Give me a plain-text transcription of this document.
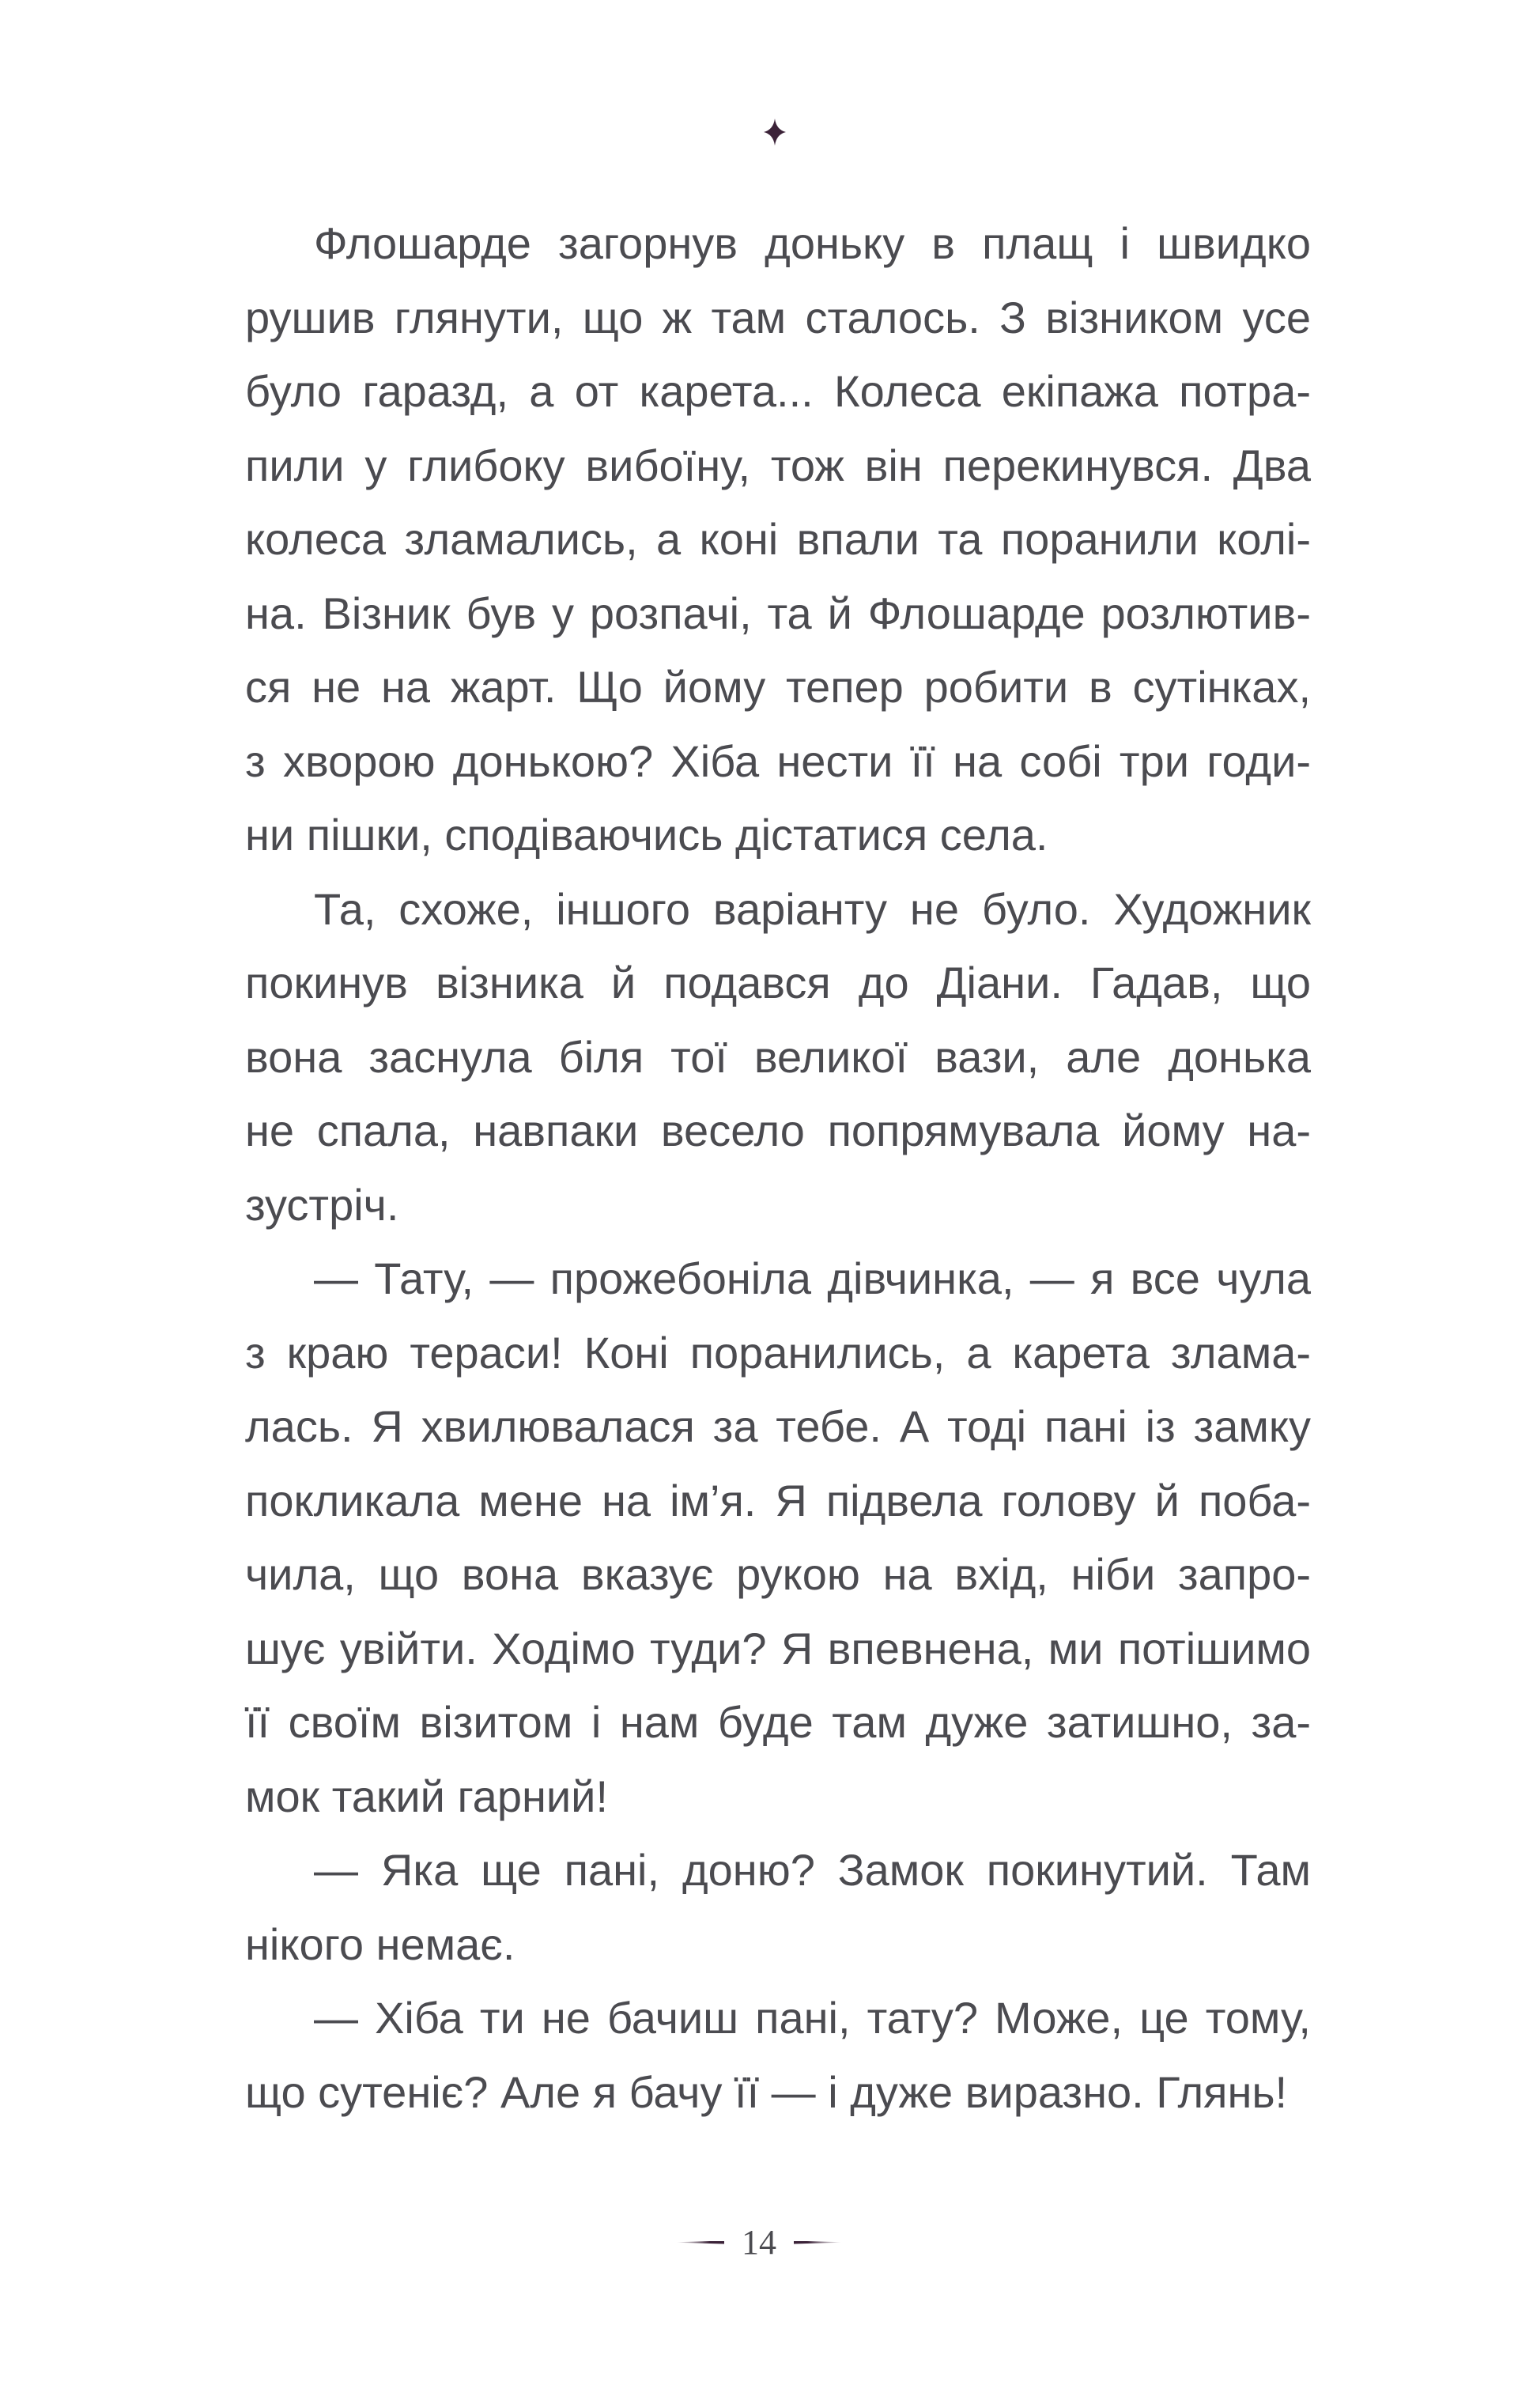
Флошарде загорнув доньку в плащ і швидко
рушив глянути, що ж там сталось. З візником усе
було гаразд, а от карета... Колеса екіпажа потра-
пили у глибоку вибоїну, тож він перекинувся. Два
колеса зламались, а коні впали та поранили колі-
на. Візник був у розпачі, та й Флошарде розлютив-
ся не на жарт. Що йому тепер робити в сутінках,
з хворою донькою? Хіба нести її на собі три годи-
ни пішки, сподіваючись дістатися села.
Та, схоже, іншого варіанту не було. Художник
покинув візника й подався до Діани. Гадав, що
вона заснула біля тої великої вази, але донька
не спала, навпаки весело попрямувала йому на-
зустріч.
— Тату, — прожебоніла дівчинка, — я все чула
з краю тераси! Коні поранились, а карета злама-
лась. Я хвилювалася за тебе. А тоді пані із замку
покликала мене на ім’я. Я підвела голову й поба-
чила, що вона вказує рукою на вхід, ніби запро-
шує увійти. Ходімо туди? Я впевнена, ми потішимо
її своїм візитом і нам буде там дуже затишно, за-
мок такий гарний!
— Яка ще пані, доню? Замок покинутий. Там
нікого немає.
— Хіба ти не бачиш пані, тату? Може, це тому,
що сутеніє? Але я бачу її — і дуже виразно. Глянь!
14
